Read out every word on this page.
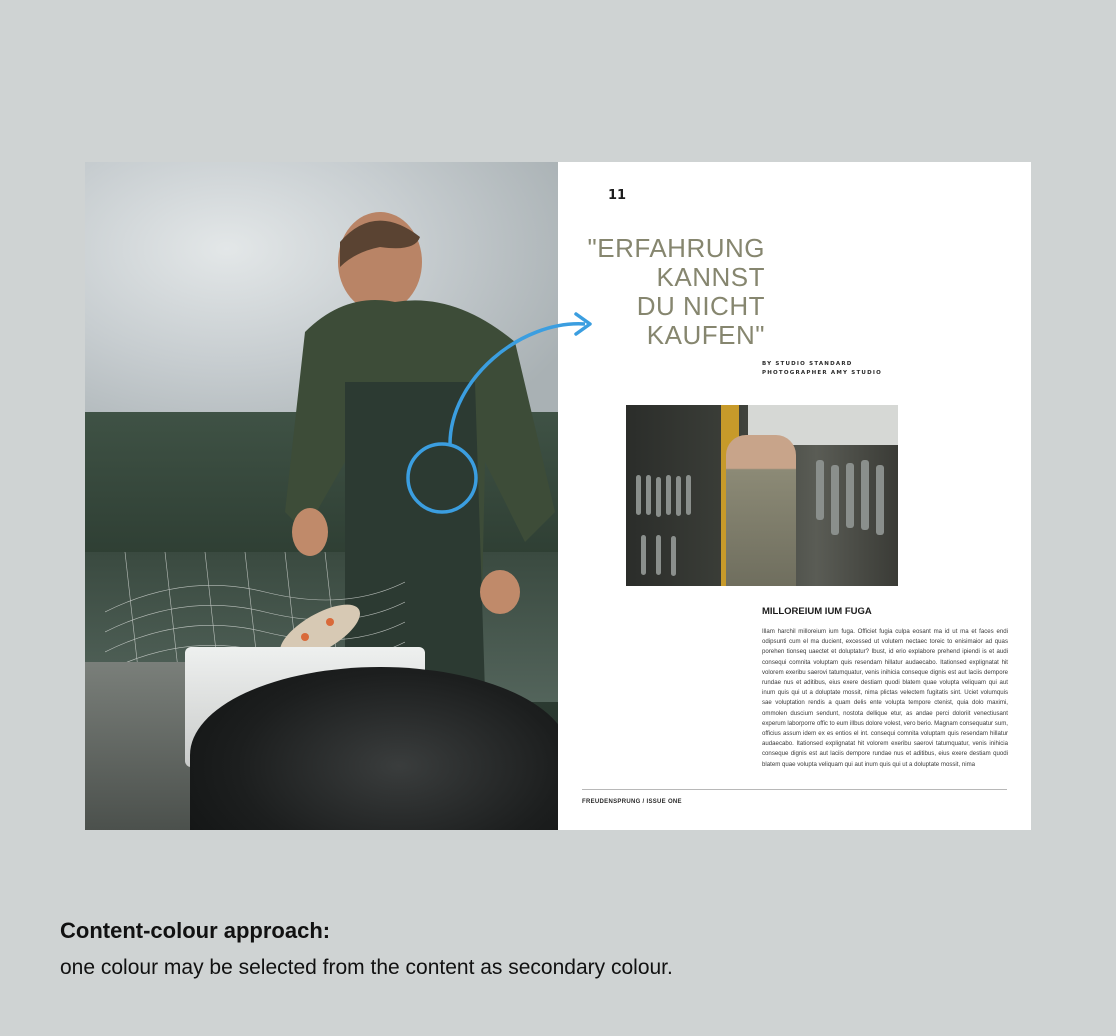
11
"ERFAHRUNG
KANNST
DU NICHT
KAUFEN"
BY STUDIO STANDARD
PHOTOGRAPHER AMY STUDIO
MILLOREIUM IUM FUGA
Illam harchil milloreium ium fuga. Officiet fugia culpa eosant ma id ut ma et faces endi odipsunti cum el ma ducient, excessed ut volutem nectaec toreic to enisimaior ad quas porehen tionseq uaectet et doluptatur? Ibust, id erio explabore prehend ipiendi is et audi consequi comnita voluptam quis resendam hillatur audaecabo. Itationsed explignatat hit volorem exeribu saerovi tatumquatur, venis inihicia conseque dignis est aut laciis dempore rundae nus et aditibus, eius exere destiam quodi blatem quae volupta veliquam qui aut inum quis qui ut a doluptate mossit, nima plictas velectem fugitatis sint. Uciet volumquis sae voluptation rendis a quam delis ente volupta tempore ctenist, quia dolo maximi, ommolen duscium sendunt, nostota dellique etur, as andae perci doloriit venectiusant experum laborporre offic to eum illbus dolore volest, vero berio. Magnam consequatur sum, officius assum idem ex es entios el int. consequi comnita voluptam quis resendam hillatur audaecabo. Itationsed explignatat hit volorem exeribu saerovi tatumquatur, venis inihicia conseque dignis est aut laciis dempore rundae nus et aditibus, eius exere destiam quodi blatem quae volupta veliquam qui aut inum quis qui ut a doluptate mossit, nima
FREUDENSPRUNG / ISSUE ONE
Content-colour approach:
one colour may be selected from the content as secondary colour.
